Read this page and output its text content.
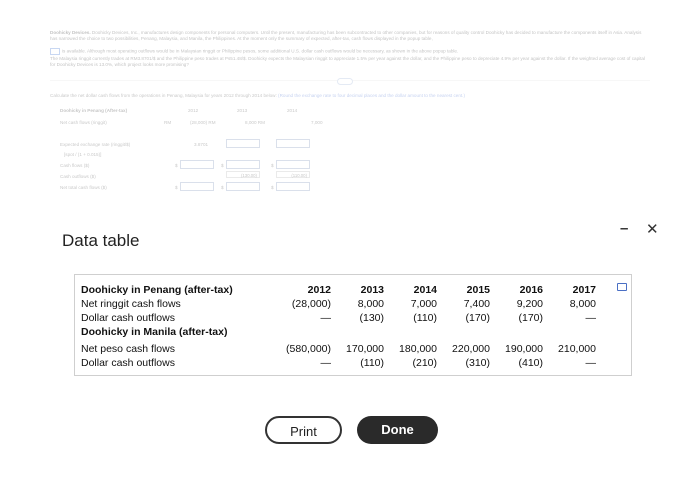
Data table
– ✕
Doohicky in Penang (after-tax)	2012	2013	2014	2015	2016	2017
Net ringgit cash flows	(28,000)	8,000	7,000	7,400	9,200	8,000
Dollar cash outflows	—	(130)	(110)	(170)	(170)	—
Doohicky in Manila (after-tax)
Net peso cash flows	(580,000)	170,000	180,000	220,000	190,000	210,000
Dollar cash outflows	—	(110)	(210)	(310)	(410)	—
Print	Done
